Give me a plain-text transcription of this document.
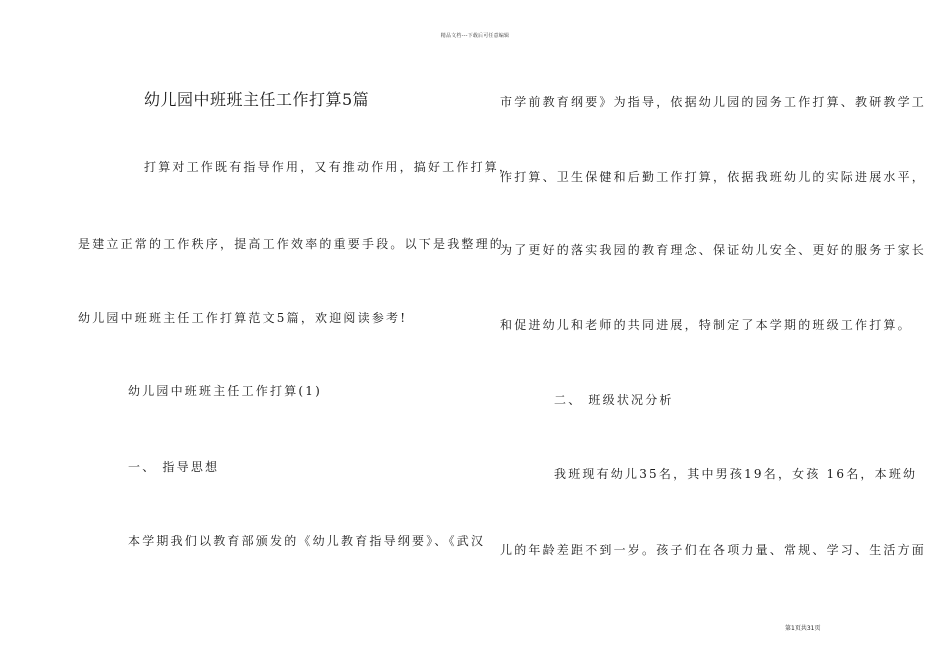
精品文档---下载后可任意编辑
幼儿园中班班主任工作打算5篇
打算对工作既有指导作用，又有推动作用，搞好工作打算，
是建立正常的工作秩序，提高工作效率的重要手段。以下是我整理的
幼儿园中班班主任工作打算范文5篇，欢迎阅读参考!
幼儿园中班班主任工作打算(1)
一、 指导思想
本学期我们以教育部颁发的《幼儿教育指导纲要》、《武汉
市学前教育纲要》为指导，依据幼儿园的园务工作打算、教研教学工
作打算、卫生保健和后勤工作打算，依据我班幼儿的实际进展水平，
为了更好的落实我园的教育理念、保证幼儿安全、更好的服务于家长
和促进幼儿和老师的共同进展，特制定了本学期的班级工作打算。
二、 班级状况分析
我班现有幼儿35名，其中男孩19名，女孩 16名，本班幼
儿的年龄差距不到一岁。孩子们在各项力量、常规、学习、生活方面
第1页共31页
